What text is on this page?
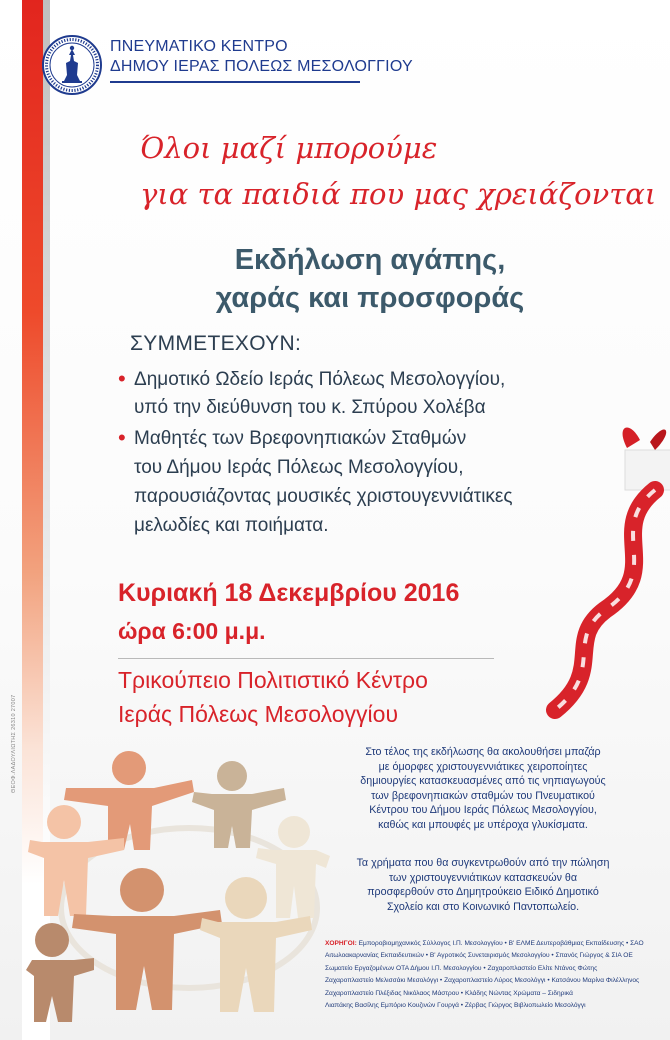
ΠΝΕΥΜΑΤΙΚΟ ΚΕΝΤΡΟ
ΔΗΜΟΥ ΙΕΡΑΣ ΠΟΛΕΩΣ ΜΕΣΟΛΟΓΓΙΟΥ
Όλοι μαζί μπορούμε
για τα παιδιά που μας χρειάζονται
Εκδήλωση αγάπης,
χαράς και προσφοράς
ΣΥΜΜΕΤΕΧΟΥΝ:
• Δημοτικό Ωδείο Ιεράς Πόλεως Μεσολογγίου,
υπό την διεύθυνση του κ. Σπύρου Χολέβα
• Μαθητές των Βρεφονηπιακών Σταθμών
του Δήμου Ιεράς Πόλεως Μεσολογγίου,
παρουσιάζοντας μουσικές χριστουγεννιάτικες
μελωδίες και ποιήματα.
Κυριακή 18 Δεκεμβρίου 2016
ώρα 6:00 μ.μ.
Τρικούπειο Πολιτιστικό Κέντρο
Ιεράς Πόλεως Μεσολογγίου
Στο τέλος της εκδήλωσης θα ακολουθήσει μπαζάρ
με όμορφες χριστουγεννιάτικες χειροποίητες
δημιουργίες κατασκευασμένες από τις νηπιαγωγούς
των βρεφονηπιακών σταθμών του Πνευματικού
Κέντρου του Δήμου Ιεράς Πόλεως Μεσολογγίου,
καθώς και μπουφές με υπέροχα γλυκίσματα.
Τα χρήματα που θα συγκεντρωθούν από την πώληση
των χριστουγεννιάτικων κατασκευών θα
προσφερθούν στο Δημητρούκειο Ειδικό Δημοτικό
Σχολείο και στο Κοινωνικό Παντοπωλείο.
ΧΟΡΗΓΟΙ: Εμποροβιομηχανικός Σύλλογος Ι.Π. Μεσολογγίου • Β' ΕΛΜΕ Δευτεροβάθμιας Εκπαίδευσης • ΣΑΟ
Αιτωλοακαρνανίας Εκπαιδευτικών • Β' Αγροτικός Συνεταιρισμός Μεσολογγίου • Σπανός Γιώργος & ΣΙΑ ΟΕ
Σωματείο Εργαζομένων ΟΤΑ Δήμου Ι.Π. Μεσολογγίου • Ζαχαροπλαστείο Ελίτε Ντάνος Φώτης
Ζαχαροπλαστείο Μελισσάκι Μεσολόγγι • Ζαχαροπλαστείο Λύρος Μεσολόγγι • Κατσάνου Μαρίνα Φιλέλληνος
Ζαχαροπλαστείο Πλέξιδας Νικόλαος Μάστρου • Κλάδης Νώντας Χρώματα – Σιδηρικά
Λιαπάκης Βασίλης Εμπόριο Κουζινών Γουργά • Ζέρβας Γιώργος Βιβλιοπωλείο Μεσολόγγι
ΘΕΟΦ.ΛΑΔΟΥΛΙΩΤΗΣ 26310 27007
